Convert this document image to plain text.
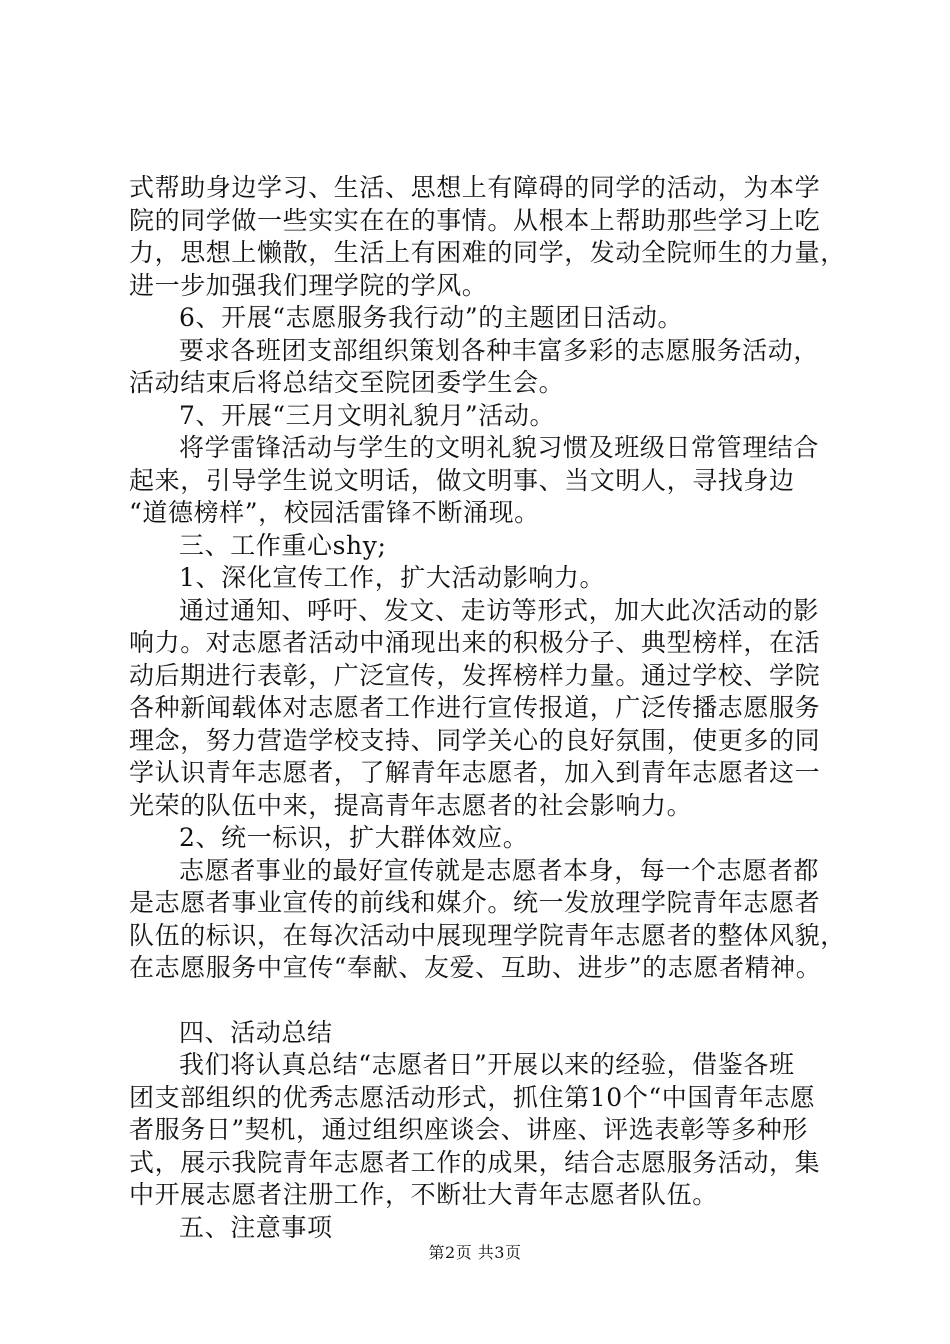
式帮助身边学习、生活、思想上有障碍的同学的活动，为本学
院的同学做一些实实在在的事情。从根本上帮助那些学习上吃
力，思想上懒散，生活上有困难的同学，发动全院师生的力量，
进一步加强我们理学院的学风。
6、开展“志愿服务我行动”的主题团日活动。
要求各班团支部组织策划各种丰富多彩的志愿服务活动，
活动结束后将总结交至院团委学生会。
7、开展“三月文明礼貌月”活动。
将学雷锋活动与学生的文明礼貌习惯及班级日常管理结合
起来，引导学生说文明话，做文明事、当文明人，寻找身边
“道德榜样”，校园活雷锋不断涌现。
三、工作重心shy;
1、深化宣传工作，扩大活动影响力。
通过通知、呼吁、发文、走访等形式，加大此次活动的影
响力。对志愿者活动中涌现出来的积极分子、典型榜样，在活
动后期进行表彰，广泛宣传，发挥榜样力量。通过学校、学院
各种新闻载体对志愿者工作进行宣传报道，广泛传播志愿服务
理念，努力营造学校支持、同学关心的良好氛围，使更多的同
学认识青年志愿者，了解青年志愿者，加入到青年志愿者这一
光荣的队伍中来，提高青年志愿者的社会影响力。
2、统一标识，扩大群体效应。
志愿者事业的最好宣传就是志愿者本身，每一个志愿者都
是志愿者事业宣传的前线和媒介。统一发放理学院青年志愿者
队伍的标识，在每次活动中展现理学院青年志愿者的整体风貌，
在志愿服务中宣传“奉献、友爱、互助、进步”的志愿者精神。
四、活动总结
我们将认真总结“志愿者日”开展以来的经验，借鉴各班
团支部组织的优秀志愿活动形式，抓住第10个“中国青年志愿
者服务日”契机，通过组织座谈会、讲座、评选表彰等多种形
式，展示我院青年志愿者工作的成果，结合志愿服务活动，集
中开展志愿者注册工作，不断壮大青年志愿者队伍。
五、注意事项
第2页 共3页
